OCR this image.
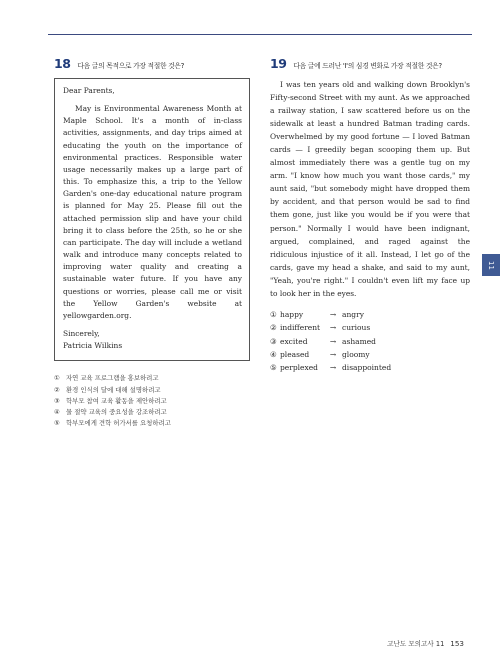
18 다음 글의 목적으로 가장 적절한 것은?

Dear Parents,

May is Environmental Awareness Month at Maple School. It's a month of in-class activities, assignments, and day trips aimed at educating the youth on the importance of environmental practices. Responsible water usage necessarily makes up a large part of this. To emphasize this, a trip to the Yellow Garden's one-day educational nature program is planned for May 25. Please fill out the attached permission slip and have your child bring it to class before the 25th, so he or she can participate. The day will include a wetland walk and introduce many concepts related to improving water quality and creating a sustainable water future. If you have any questions or worries, please call me or visit the Yellow Garden's website at yellowgarden.org.

Sincerely,

Patricia Wilkins

① 자연 교육 프로그램을 홍보하려고
② 환경 인식의 달에 대해 설명하려고
③ 학부모 참여 교육 활동을 제안하려고
④ 물 절약 교육의 중요성을 강조하려고
⑤ 학부모에게 견학 허가서를 요청하려고
19 다음 글에 드러난 'I'의 심경 변화로 가장 적절한 것은?

I was ten years old and walking down Brooklyn's Fifty-second Street with my aunt. As we approached a railway station, I saw scattered before us on the sidewalk at least a hundred Batman trading cards. Overwhelmed by my good fortune — I loved Batman cards — I greedily began scooping them up. But almost immediately there was a gentle tug on my arm. "I know how much you want those cards," my aunt said, "but somebody might have dropped them by accident, and that person would be sad to find them gone, just like you would be if you were that person." Normally I would have been indignant, argued, complained, and raged against the ridiculous injustice of it all. Instead, I let go of the cards, gave my head a shake, and said to my aunt, "Yeah, you're right." I couldn't even lift my face up to look her in the eyes.

① happy	→ angry
② indifferent	→ curious
③ excited	→ ashamed
④ pleased	→ gloomy
⑤ perplexed	→ disappointed
11
고난도 모의고사 11 153
